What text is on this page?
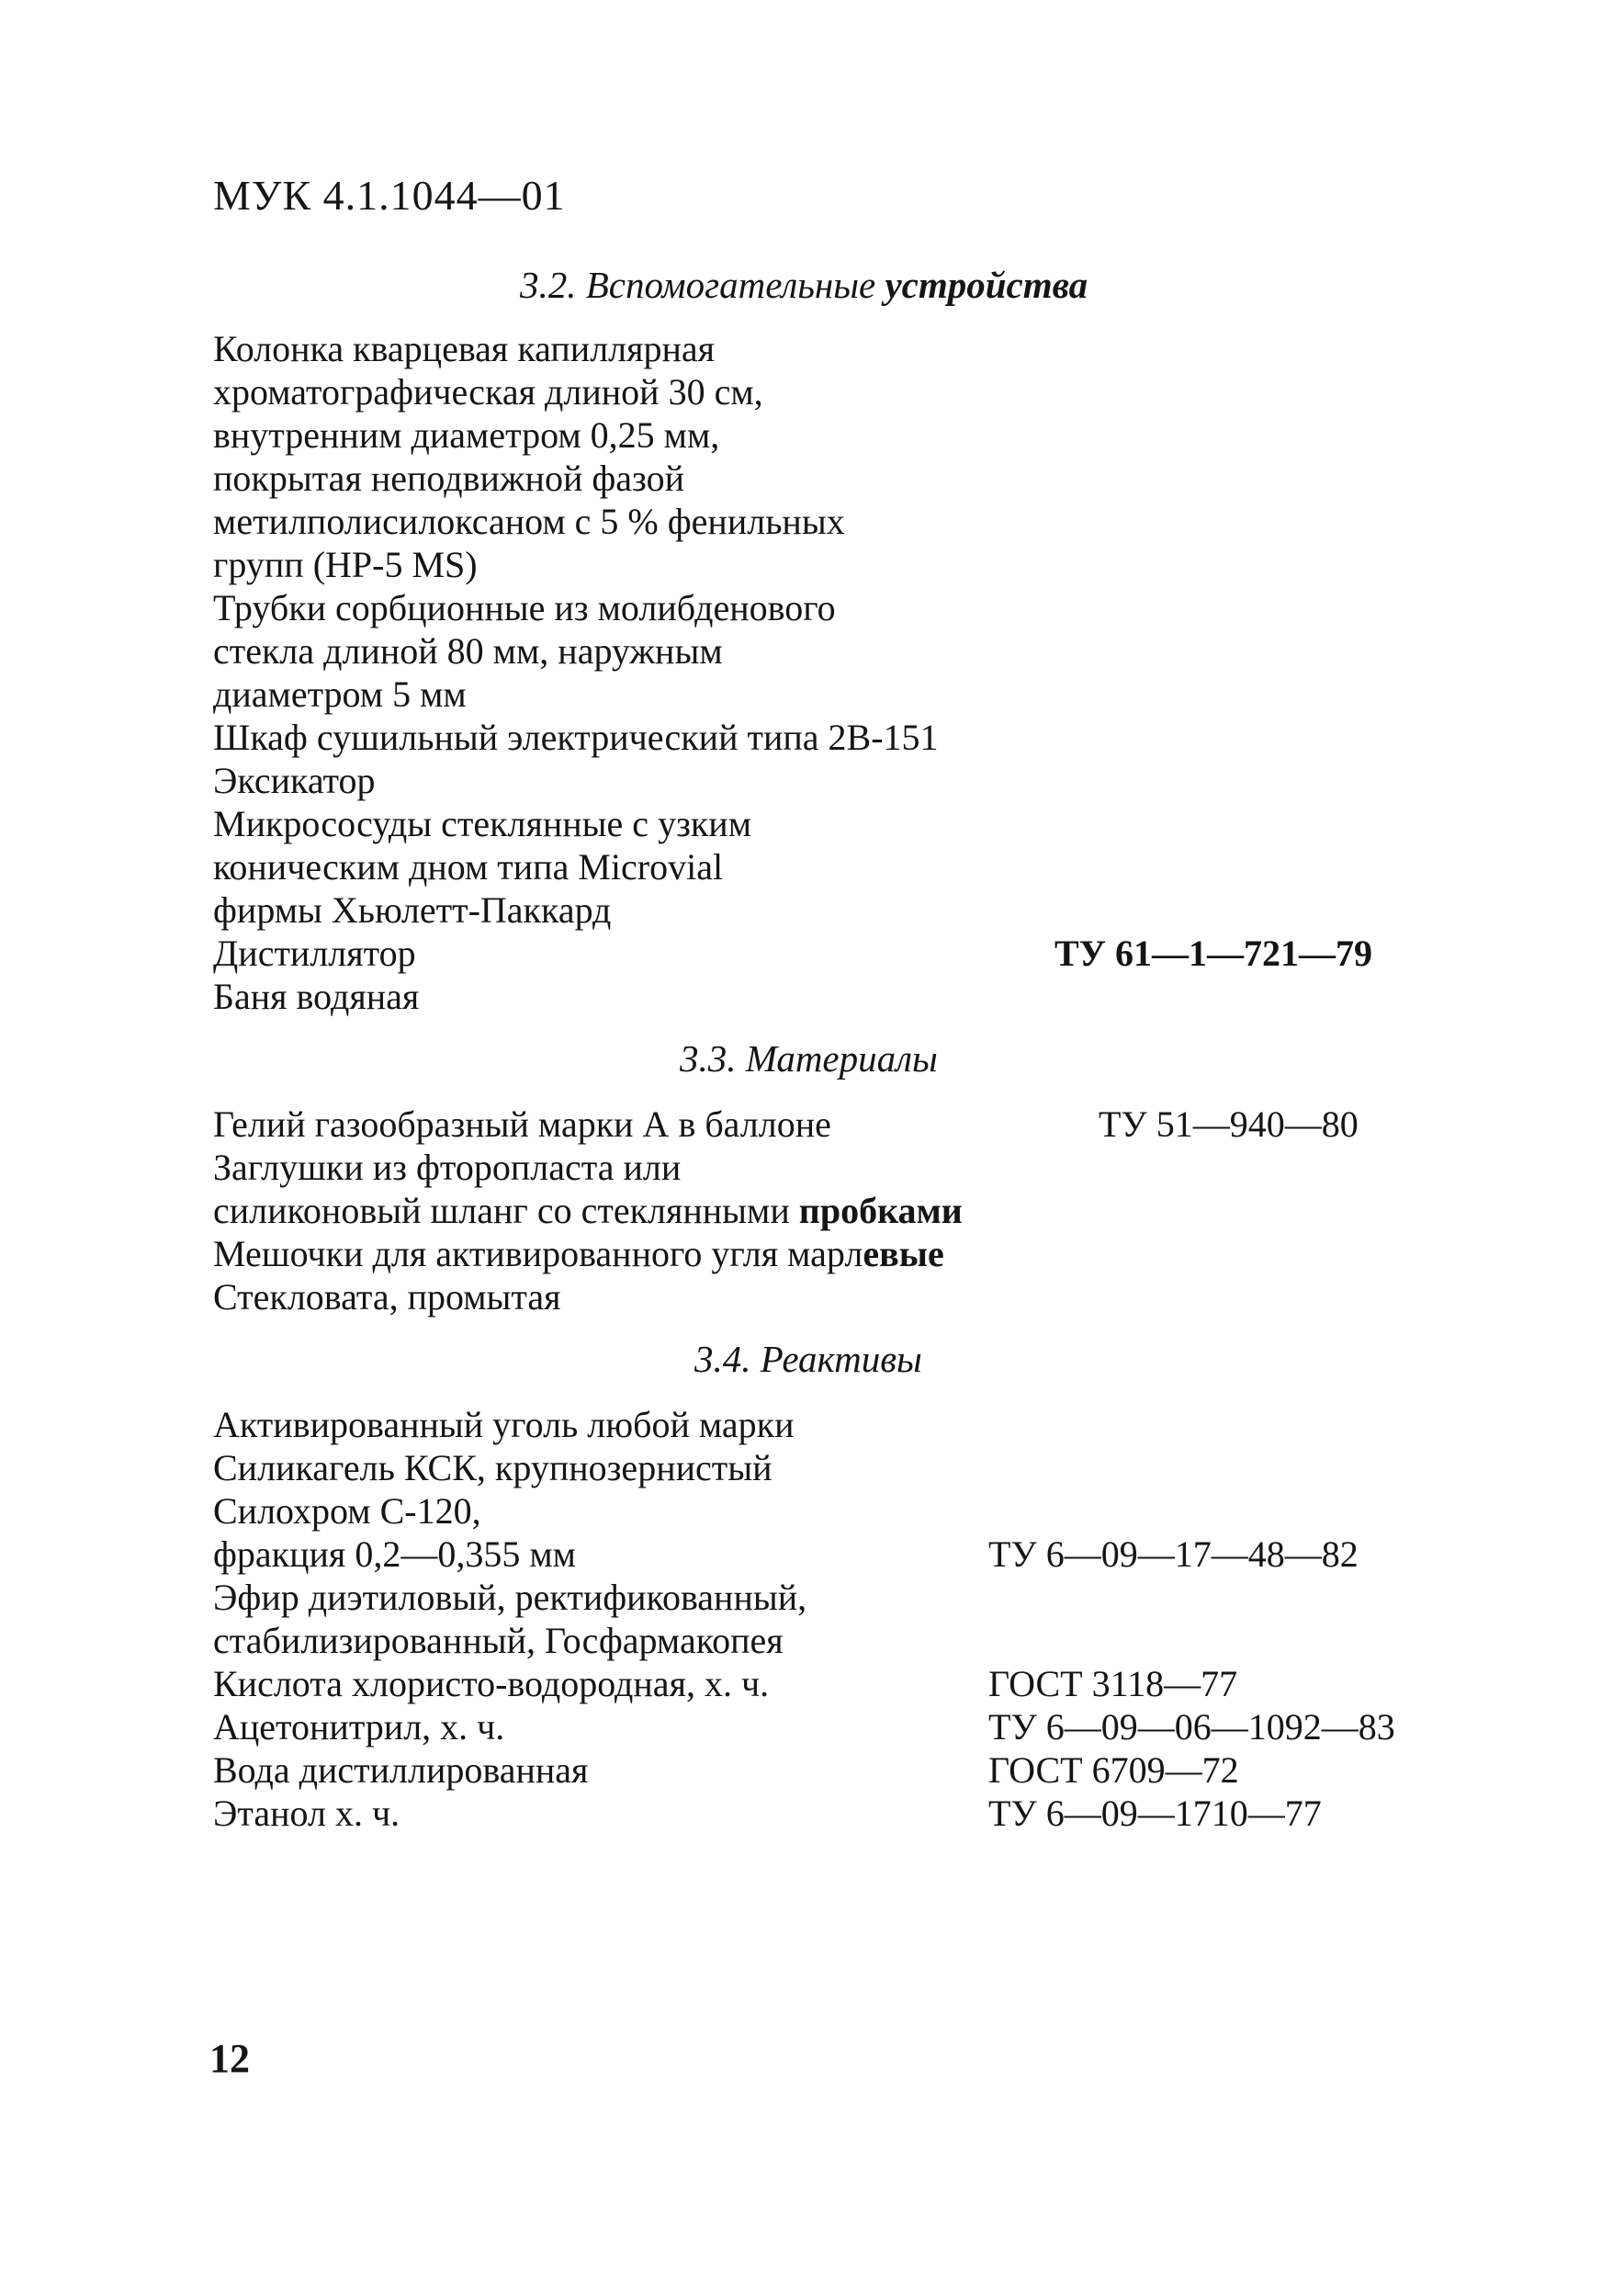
МУК 4.1.1044—01
3.2. Вспомогательные устройства
Колонка кварцевая капиллярная
хроматографическая длиной 30 см,
внутренним диаметром 0,25 мм,
покрытая неподвижной фазой
метилполисилоксаном с 5 % фенильных
групп (HP-5 MS)
Трубки сорбционные из молибденового
стекла длиной 80 мм, наружным
диаметром 5 мм
Шкаф сушильный электрический типа 2В-151
Эксикатор
Микрососуды стеклянные с узким
коническим дном типа Microvial
фирмы Хьюлетт-Паккард
Дистиллятор	ТУ 61—1—721—79
Баня водяная
3.3. Материалы
Гелий газообразный марки А в баллоне	ТУ 51—940—80
Заглушки из фторопласта или
силиконовый шланг со стеклянными пробками
Мешочки для активированного угля марлевые
Стекловата, промытая
3.4. Реактивы
Активированный уголь любой марки
Силикагель КСК, крупнозернистый
Силохром С-120,
фракция 0,2—0,355 мм	ТУ 6—09—17—48—82
Эфир диэтиловый, ректификованный,
стабилизированный, Госфармакопея
Кислота хлористо-водородная, х. ч.	ГОСТ 3118—77
Ацетонитрил, х. ч.	ТУ 6—09—06—1092—83
Вода дистиллированная	ГОСТ 6709—72
Этанол х. ч.	ТУ 6—09—1710—77
12
